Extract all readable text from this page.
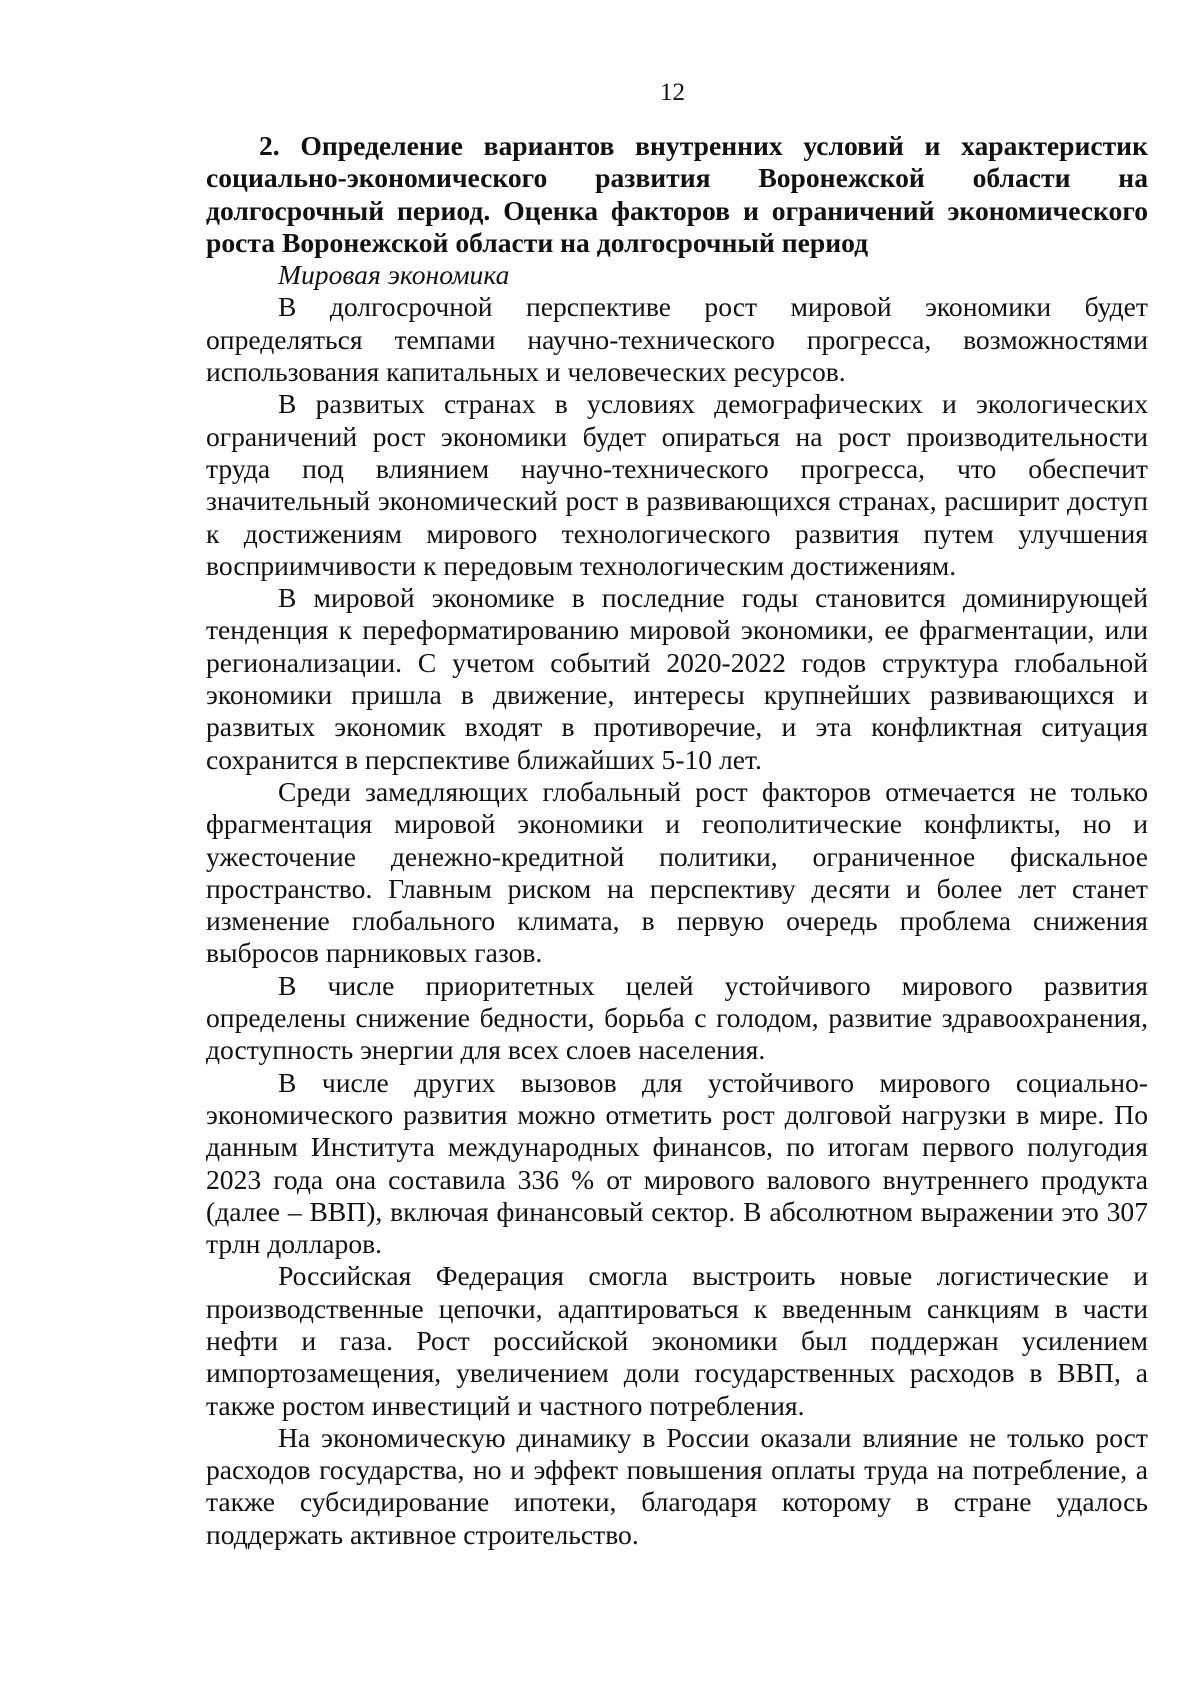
12

2. Определение вариантов внутренних условий и характеристик социально-экономического развития Воронежской области на долгосрочный период. Оценка факторов и ограничений экономического роста Воронежской области на долгосрочный период

Мировая экономика

В долгосрочной перспективе рост мировой экономики будет определяться темпами научно-технического прогресса, возможностями использования капитальных и человеческих ресурсов.

В развитых странах в условиях демографических и экологических ограничений рост экономики будет опираться на рост производительности труда под влиянием научно-технического прогресса, что обеспечит значительный экономический рост в развивающихся странах, расширит доступ к достижениям мирового технологического развития путем улучшения восприимчивости к передовым технологическим достижениям.

В мировой экономике в последние годы становится доминирующей тенденция к переформатированию мировой экономики, ее фрагментации, или регионализации. С учетом событий 2020-2022 годов структура глобальной экономики пришла в движение, интересы крупнейших развивающихся и развитых экономик входят в противоречие, и эта конфликтная ситуация сохранится в перспективе ближайших 5-10 лет.

Среди замедляющих глобальный рост факторов отмечается не только фрагментация мировой экономики и геополитические конфликты, но и ужесточение денежно-кредитной политики, ограниченное фискальное пространство. Главным риском на перспективу десяти и более лет станет изменение глобального климата, в первую очередь проблема снижения выбросов парниковых газов.

В числе приоритетных целей устойчивого мирового развития определены снижение бедности, борьба с голодом, развитие здравоохранения, доступность энергии для всех слоев населения.

В числе других вызовов для устойчивого мирового социально-экономического развития можно отметить рост долговой нагрузки в мире. По данным Института международных финансов, по итогам первого полугодия 2023 года она составила 336 % от мирового валового внутреннего продукта (далее – ВВП), включая финансовый сектор. В абсолютном выражении это 307 трлн долларов.

Российская Федерация смогла выстроить новые логистические и производственные цепочки, адаптироваться к введенным санкциям в части нефти и газа. Рост российской экономики был поддержан усилением импортозамещения, увеличением доли государственных расходов в ВВП, а также ростом инвестиций и частного потребления.

На экономическую динамику в России оказали влияние не только рост расходов государства, но и эффект повышения оплаты труда на потребление, а также субсидирование ипотеки, благодаря которому в стране удалось поддержать активное строительство.
